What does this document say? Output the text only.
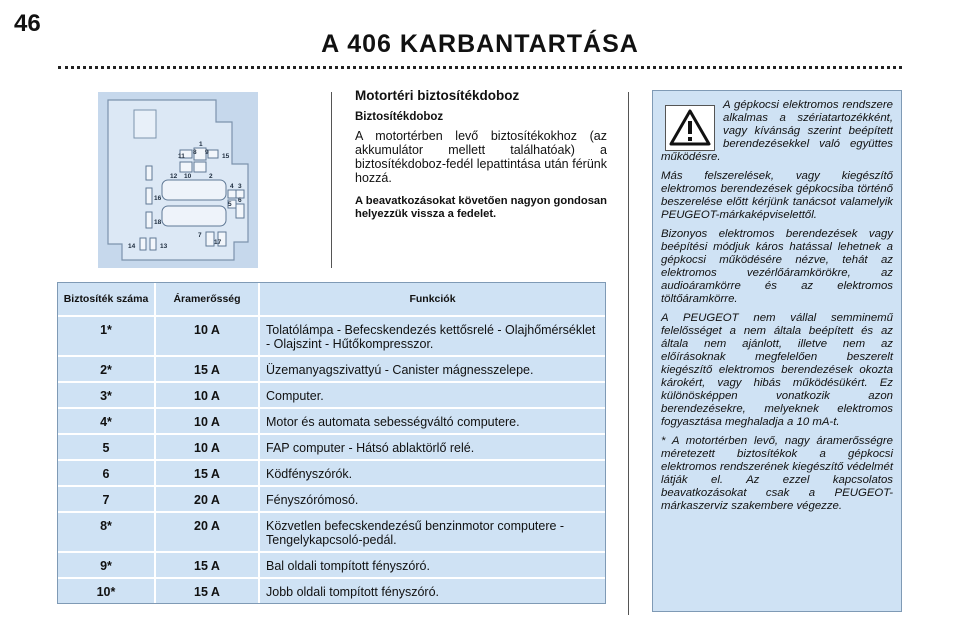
46
A 406 KARBANTARTÁSA
1
2
4 3
5
6
7
8 9
10
11
12
13
14
15
16
17
18
Motortéri biztosítékdoboz
Biztosítékdoboz

A motortérben levő biztosítékokhoz (az akkumulátor mellett találhatóak) a biztosítékdoboz-fedél lepattintása után férünk hozzá.

A beavatkozásokat követően nagyon gondosan helyezzük vissza a fedelet.

Biztosíték száma	Áramerősség	Funkciók
1*	10 A	Tolatólámpa - Befecskendezés kettősrelé - Olajhőmérséklet - Olajszint - Hűtőkompresszor.
2*	15 A	Üzemanyagszivattyú - Canister mágnesszelepe.
3*	10 A	Computer.
4*	10 A	Motor és automata sebességváltó computere.
5	10 A	FAP computer - Hátsó ablaktörlő relé.
6	15 A	Ködfényszórók.
7	20 A	Fényszórómosó.
8*	20 A	Közvetlen befecskendezésű benzinmotor computere - Tengelykapcsoló-pedál.
9*	15 A	Bal oldali tompított fényszóró.
10*	15 A	Jobb oldali tompított fényszóró.

A gépkocsi elektromos rendszere alkalmas a szériatartozékként, vagy kívánság szerint beépített berendezésekkel való együttes működésre.

Más felszerelések, vagy kiegészítő elektromos berendezések gépkocsiba történő beszerelése előtt kérjünk tanácsot valamelyik PEUGEOT-márkaképviselettől.

Bizonyos elektromos berendezések vagy beépítési módjuk káros hatással lehetnek a gépkocsi működésére nézve, tehát az elektromos vezérlőáramkörökre, az audioáramkörre és az elektromos töltőáramkörre.

A PEUGEOT nem vállal semminemű felelősséget a nem általa beépített és az általa nem ajánlott, illetve nem az előírásoknak megfelelően beszerelt kiegészítő elektromos berendezések okozta károkért, vagy hibás működésükért. Ez különösképpen vonatkozik azon berendezésekre, melyeknek elektromos fogyasztása meghaladja a 10 mA-t.

* A motortérben levő, nagy áramerősségre méretezett biztosítékok a gépkocsi elektromos rendszerének kiegészítő védelmét látják el. Az ezzel kapcsolatos beavatkozásokat csak a PEUGEOT-márkaszerviz szakembere végezze.
